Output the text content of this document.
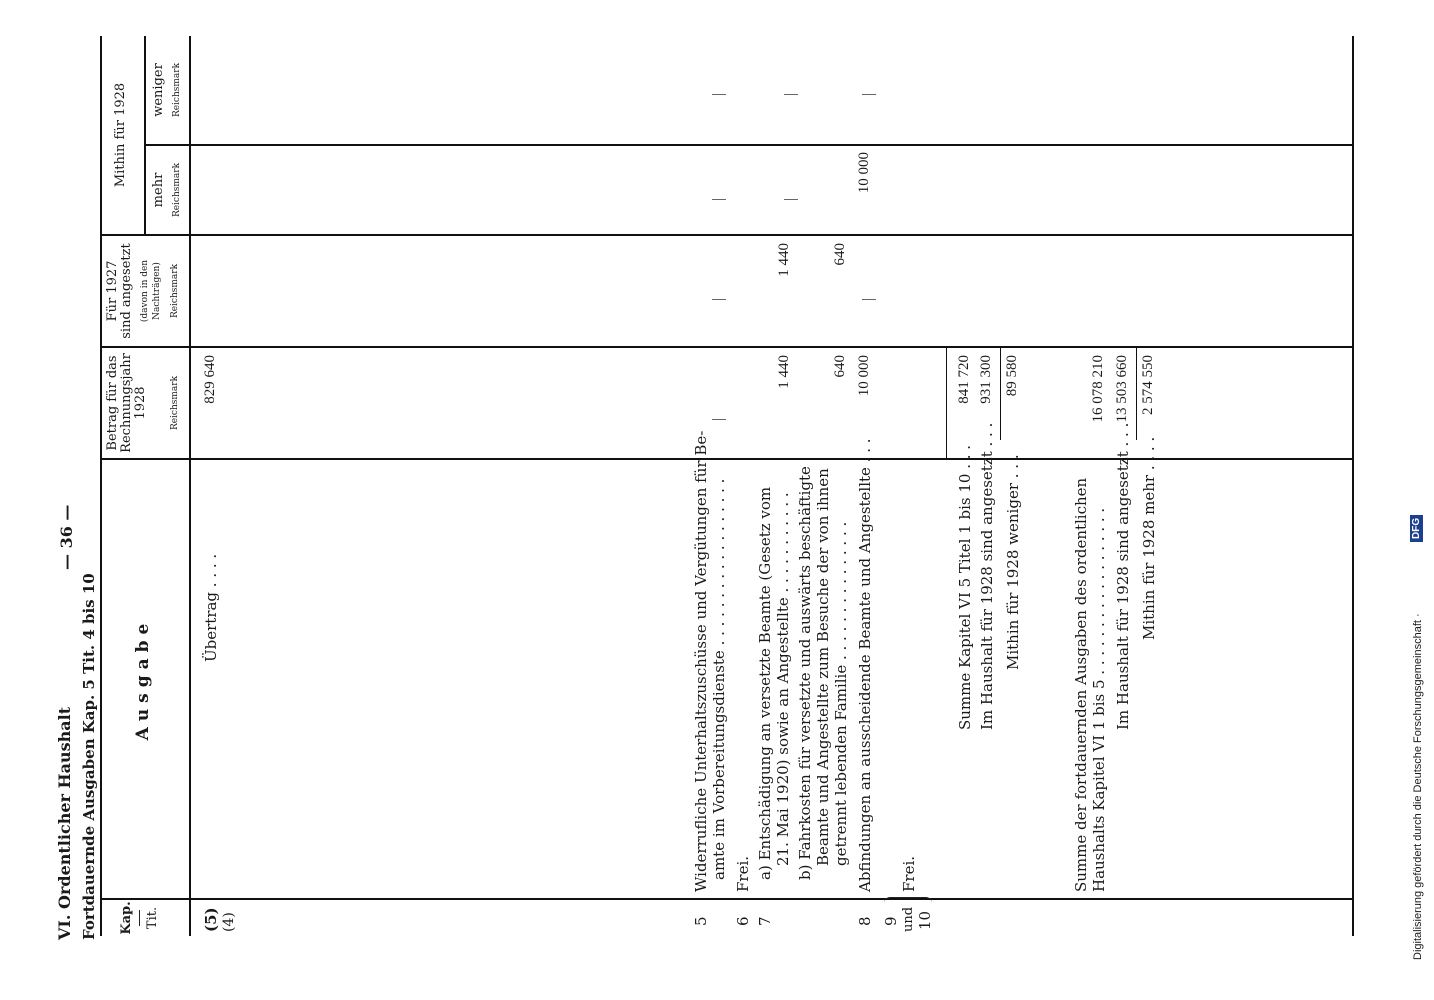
VI. Ordentlicher Haushalt Fortdauernde Ausgaben Kap. 5 Tit. 4 bis 10
— 36 —
Kap. Tit.
Ausgabe
Betrag für das Rechnungsjahr 1928 Reichsmark
Für 1927 sind angesetzt (davon in den Nachträgen) Reichsmark
Mithin für 1928
mehr Reichsmark
weniger Reichsmark
(5) (4)
Übertrag . . . .
829 640
5
Widerrufliche Unterhaltszuschüsse und Vergütungen für Be- amte im Vorbereitungsdienste . . . . . . . . . . . . . . . . . .
6
Frei.
7
a) Entschädigung an versetzte Beamte (Gesetz vom 21. Mai 1920) sowie an Angestellte . . . . . . . . . . .
1 440
1 440
b) Fahrkosten für versetzte und auswärts beschäftigte Beamte und Angestellte zum Besuche der von ihnen getrennt lebenden Familie . . . . . . . . . . . . . . .
640
640
8
Abfindungen an ausscheidende Beamte und Angestellte . . .
10 000
10 000
9 und 10
Frei.
Summe Kapitel VI 5 Titel 1 bis 10 . . .
841 720
Im Haushalt für 1928 sind angesetzt . . .
931 300
Mithin für 1928 weniger . . .
89 580
Summe der fortdauernden Ausgaben des ordentlichen Haushalts Kapitel VI 1 bis 5 . . . . . . . . . . . . . . . . . .
16 078 210
Im Haushalt für 1928 sind angesetzt . . .
13 503 660
Mithin für 1928 mehr . . . .
2 574 550
Digitalisierung gefördert durch die Deutsche Forschungsgemeinschaft ·
DFG
